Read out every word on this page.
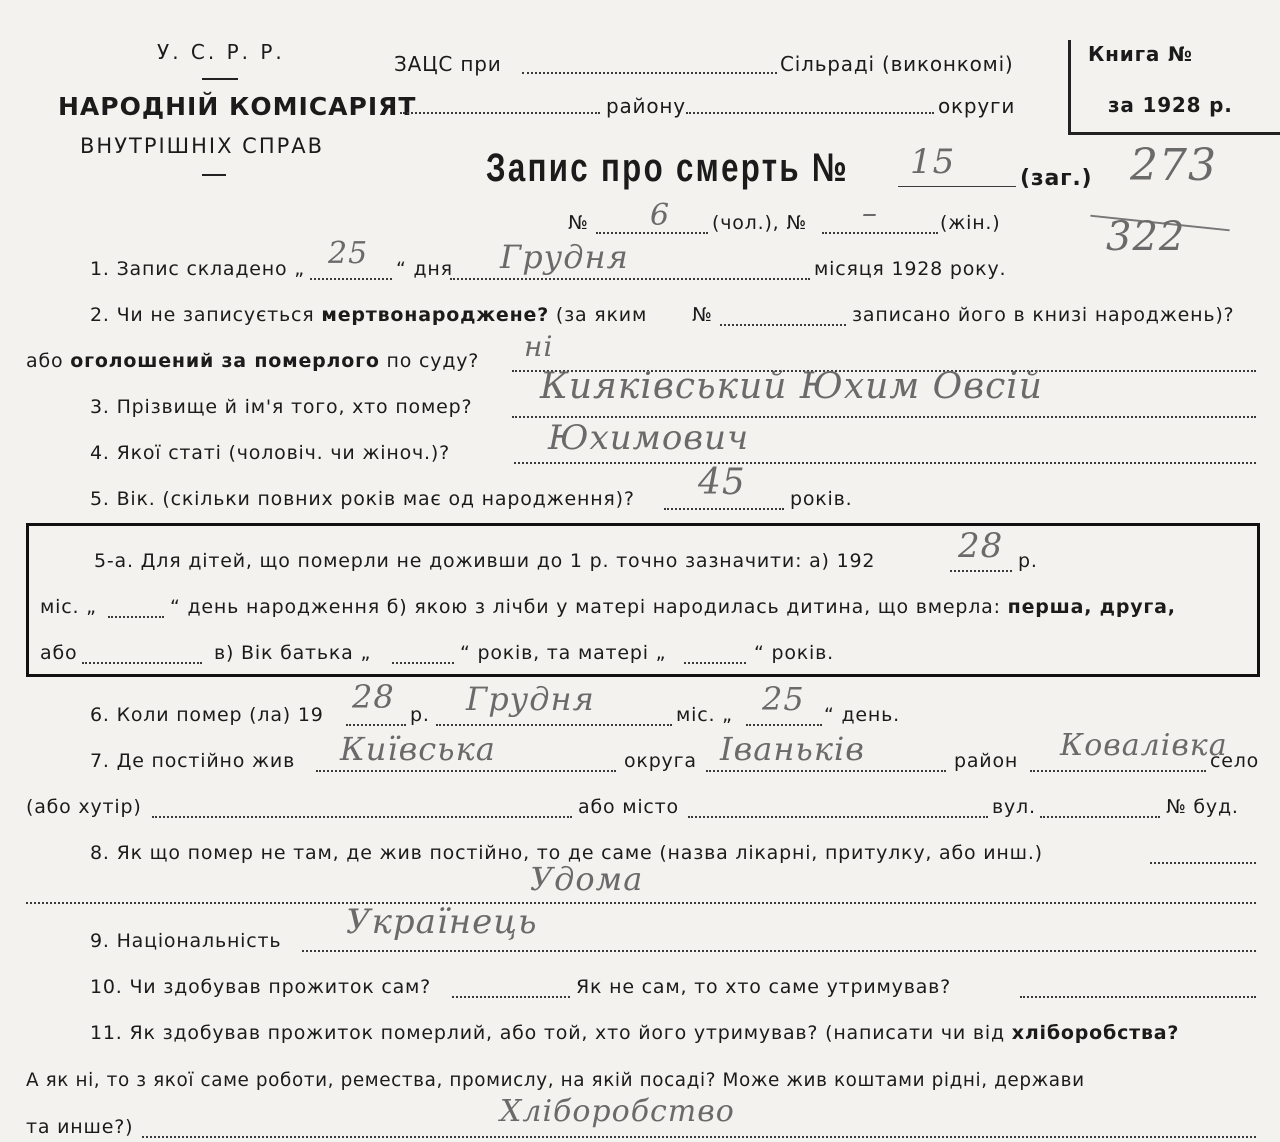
У. С. Р. Р.
НАРОДНІЙ КОМІСАРІЯТ
ВНУТРІШНІХ СПРАВ
ЗАЦС при	Сільраді (виконкомі)
району	округи
Книга №
за 1928 р.
Запис про смерть № 15	(заг.) 273
322
№ 6 (чол.), № –	(жін.)
1. Запис складено „ 25 “ дня Грудня	місяця 1928 року.
2. Чи не записується мертвонароджене? (за яким №	записано його в книзі народжень)?
або оголошений за померлого по суду? ні
3. Прізвище й ім'я того, хто помер? Кияківський Юхим Овсій
4. Якої статі (чоловіч. чи жіноч.)?	Юхимович
5. Вік. (скільки повних років має од народження)? 45 років.
5-а. Для дітей, що померли не доживши до 1 р. точно зазначити: а) 192 28 р.
міс. „	“ день народження б) якою з лічби у матері народилась дитина, що вмерла: перша, друга,
або	в) Вік батька „	“ років, та матері „	“ років.
6. Коли помер (ла) 19 28 р. Грудня	міс. „ 25 “ день.
7. Де постійно жив Київська	округа Іваньків	район Ковалівка
село
(або хутір)	або місто	вул.	№ буд.
8. Як що помер не там, де жив постійно, то де саме (назва лікарні, притулку, або инш.)
Удома
9. Національність Українець
10. Чи здобував прожиток сам?	Як не сам, то хто саме утримував?
11. Як здобував прожиток померлий, або той, хто його утримував? (написати чи від хліборобства?
А як ні, то з якої саме роботи, ремества, промислу, на якій посаді? Може жив коштами рідні, держави
та инше?)	Хліборобство
